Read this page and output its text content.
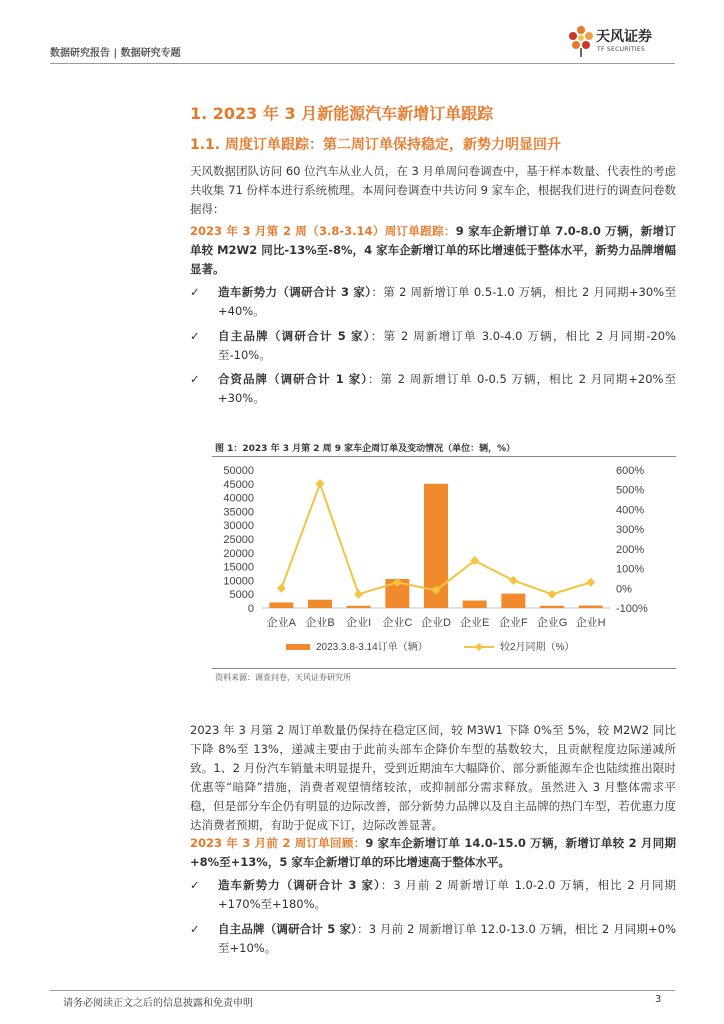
数据研究报告 | 数据研究专题
天风证券
TF SECURITIES
1. 2023 年 3 月新能源汽车新增订单跟踪
1.1. 周度订单跟踪：第二周订单保持稳定，新势力明显回升
天风数据团队访问 60 位汽车从业人员，在 3 月单周问卷调查中，基于样本数量、代表性的考虑共收集 71 份样本进行系统梳理。本周问卷调查中共访问 9 家车企，根据我们进行的调查问卷数据得：
2023 年 3 月第 2 周（3.8-3.14）周订单跟踪：9 家车企新增订单 7.0-8.0 万辆，新增订单较 M2W2 同比-13%至-8%，4 家车企新增订单的环比增速低于整体水平，新势力品牌增幅显著。
✓ 造车新势力（调研合计 3 家）：第 2 周新增订单 0.5-1.0 万辆，相比 2 月同期+30%至+40%。
✓ 自主品牌（调研合计 5 家）：第 2 周新增订单 3.0-4.0 万辆，相比 2 月同期-20%至-10%。
✓ 合资品牌（调研合计 1 家）：第 2 周新增订单 0-0.5 万辆，相比 2 月同期+20%至+30%。
图 1：2023 年 3 月第 2 周 9 家车企周订单及变动情况（单位：辆，%）
0
5000
10000
15000
20000
25000
30000
35000
40000
45000
50000
-100%
0%
100%
200%
300%
400%
500%
600%
企业A 企业B 企业I 企业C 企业D 企业E 企业F 企业G 企业H
2023.3.8-3.14订单（辆）	较2月同期（%）
资料来源：调查问卷，天风证券研究所
2023 年 3 月第 2 周订单数量仍保持在稳定区间，较 M3W1 下降 0%至 5%，较 M2W2 同比下降 8%至 13%，递减主要由于此前头部车企降价车型的基数较大，且贡献程度边际递减所致。1、2 月份汽车销量未明显提升，受到近期油车大幅降价、部分新能源车企也陆续推出限时优惠等“暗降”措施，消费者观望情绪较浓，或抑制部分需求释放。虽然进入 3 月整体需求平稳，但是部分车企仍有明显的边际改善，部分新势力品牌以及自主品牌的热门车型，若优惠力度达消费者预期，有助于促成下订，边际改善显著。
2023 年 3 月前 2 周订单回顾：9 家车企新增订单 14.0-15.0 万辆，新增订单较 2 月同期+8%至+13%，5 家车企新增订单的环比增速高于整体水平。
✓ 造车新势力（调研合计 3 家）：3 月前 2 周新增订单 1.0-2.0 万辆，相比 2 月同期+170%至+180%。
✓ 自主品牌（调研合计 5 家）：3 月前 2 周新增订单 12.0-13.0 万辆，相比 2 月同期+0%至+10%。
请务必阅读正文之后的信息披露和免责申明	3
